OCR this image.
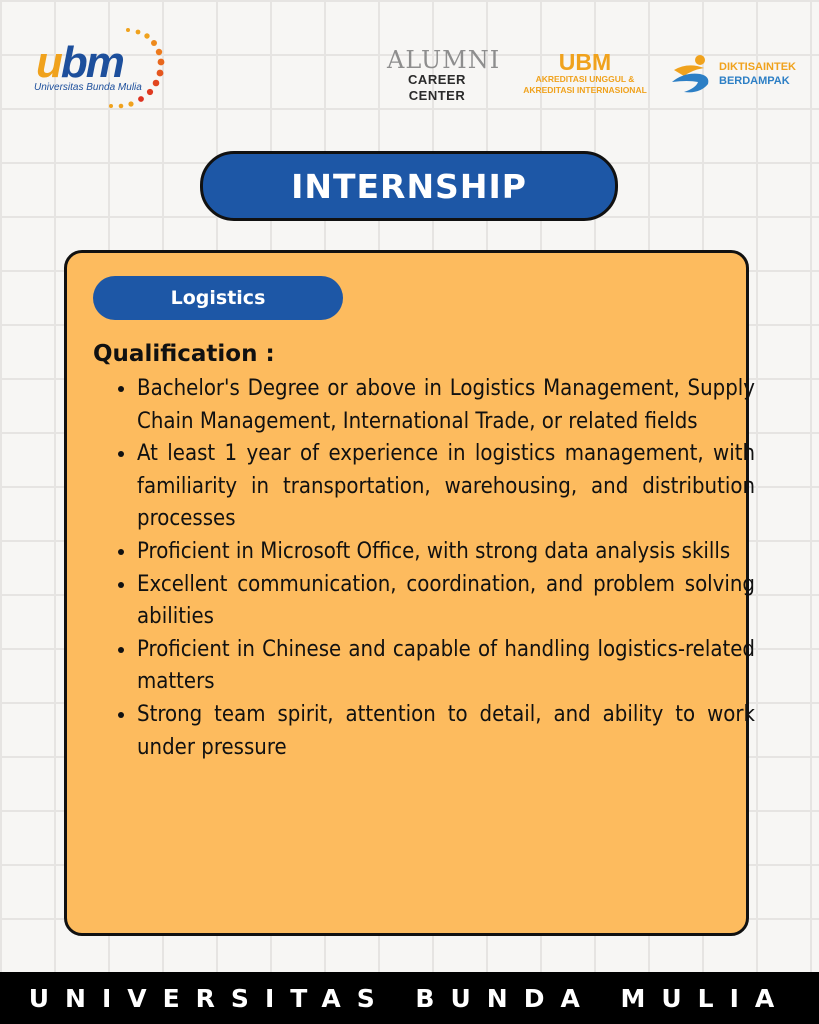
ubm
Universitas Bunda Mulia
ALUMNI
CAREER CENTER
UBM
AKREDITASI UNGGUL &
AKREDITASI INTERNASIONAL
DIKTISAINTEK
BERDAMPAK
INTERNSHIP
Logistics
Qualification :
• Bachelor's Degree or above in Logistics Management, Supply Chain Management, International Trade, or related fields
• At least 1 year of experience in logistics management, with familiarity in transportation, warehousing, and distribution processes
• Proficient in Microsoft Office, with strong data analysis skills
• Excellent communication, coordination, and problem solving abilities
• Proficient in Chinese and capable of handling logistics-related matters
• Strong team spirit, attention to detail, and ability to work under pressure
UNIVERSITAS BUNDA MULIA
